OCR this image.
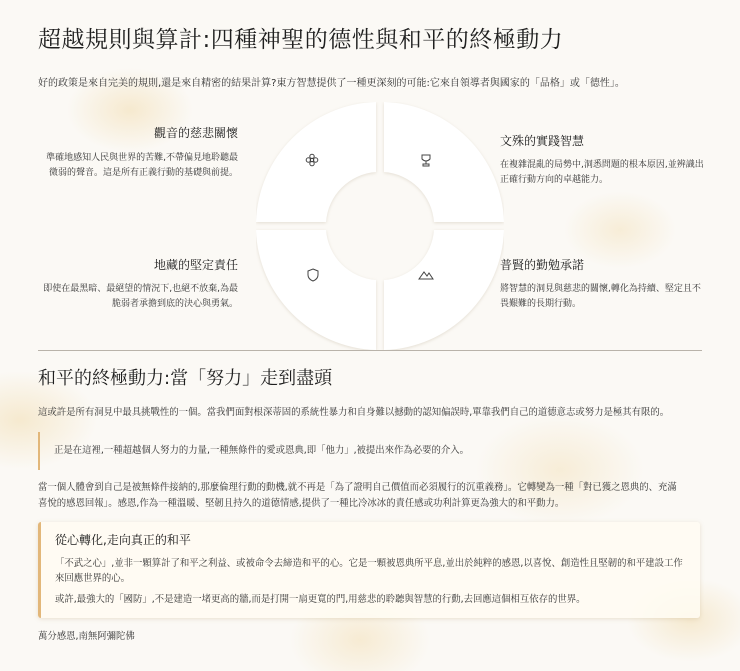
超越規則與算計:四種神聖的德性與和平的終極動力

好的政策是來自完美的規則,還是來自精密的結果計算?東方智慧提供了一種更深刻的可能:它來自領導者與國家的「品格」或「德性」。

觀音的慈悲關懷
準確地感知人民與世界的苦難,不帶偏見地聆聽最微弱的聲音。這是所有正義行動的基礎與前提。
文殊的實踐智慧
在複雜混亂的局勢中,洞悉問題的根本原因,並辨識出正確行動方向的卓越能力。
地藏的堅定責任
即使在最黑暗、最絕望的情況下,也絕不放棄,為最脆弱者承擔到底的決心與勇氣。
普賢的勤勉承諾
將智慧的洞見與慈悲的關懷,轉化為持續、堅定且不畏艱難的長期行動。
和平的終極動力:當「努力」走到盡頭

這或許是所有洞見中最具挑戰性的一個。當我們面對根深蒂固的系統性暴力和自身難以撼動的認知偏誤時,單靠我們自己的道德意志或努力是極其有限的。

正是在這裡,一種超越個人努力的力量,一種無條件的愛或恩典,即「他力」,被提出來作為必要的介入。
當一個人體會到自己是被無條件接納的,那麼倫理行動的動機,就不再是「為了證明自己價值而必須履行的沉重義務」。它轉變為一種「對已獲之恩典的、充滿
喜悅的感恩回報」。感恩,作為一種溫暖、堅韌且持久的道德情感,提供了一種比冷冰冰的責任感或功利計算更為強大的和平動力。
從心轉化,走向真正的和平

「不武之心」,並非一顆算計了和平之利益、或被命令去締造和平的心。它是一顆被恩典所平息,並出於純粹的感恩,以喜悅、創造性且堅韌的和平建設工作來回應世界的心。

或許,最強大的「國防」,不是建造一堵更高的牆,而是打開一扇更寬的門,用慈悲的聆聽與智慧的行動,去回應這個相互依存的世界。

萬分感恩,南無阿彌陀佛
